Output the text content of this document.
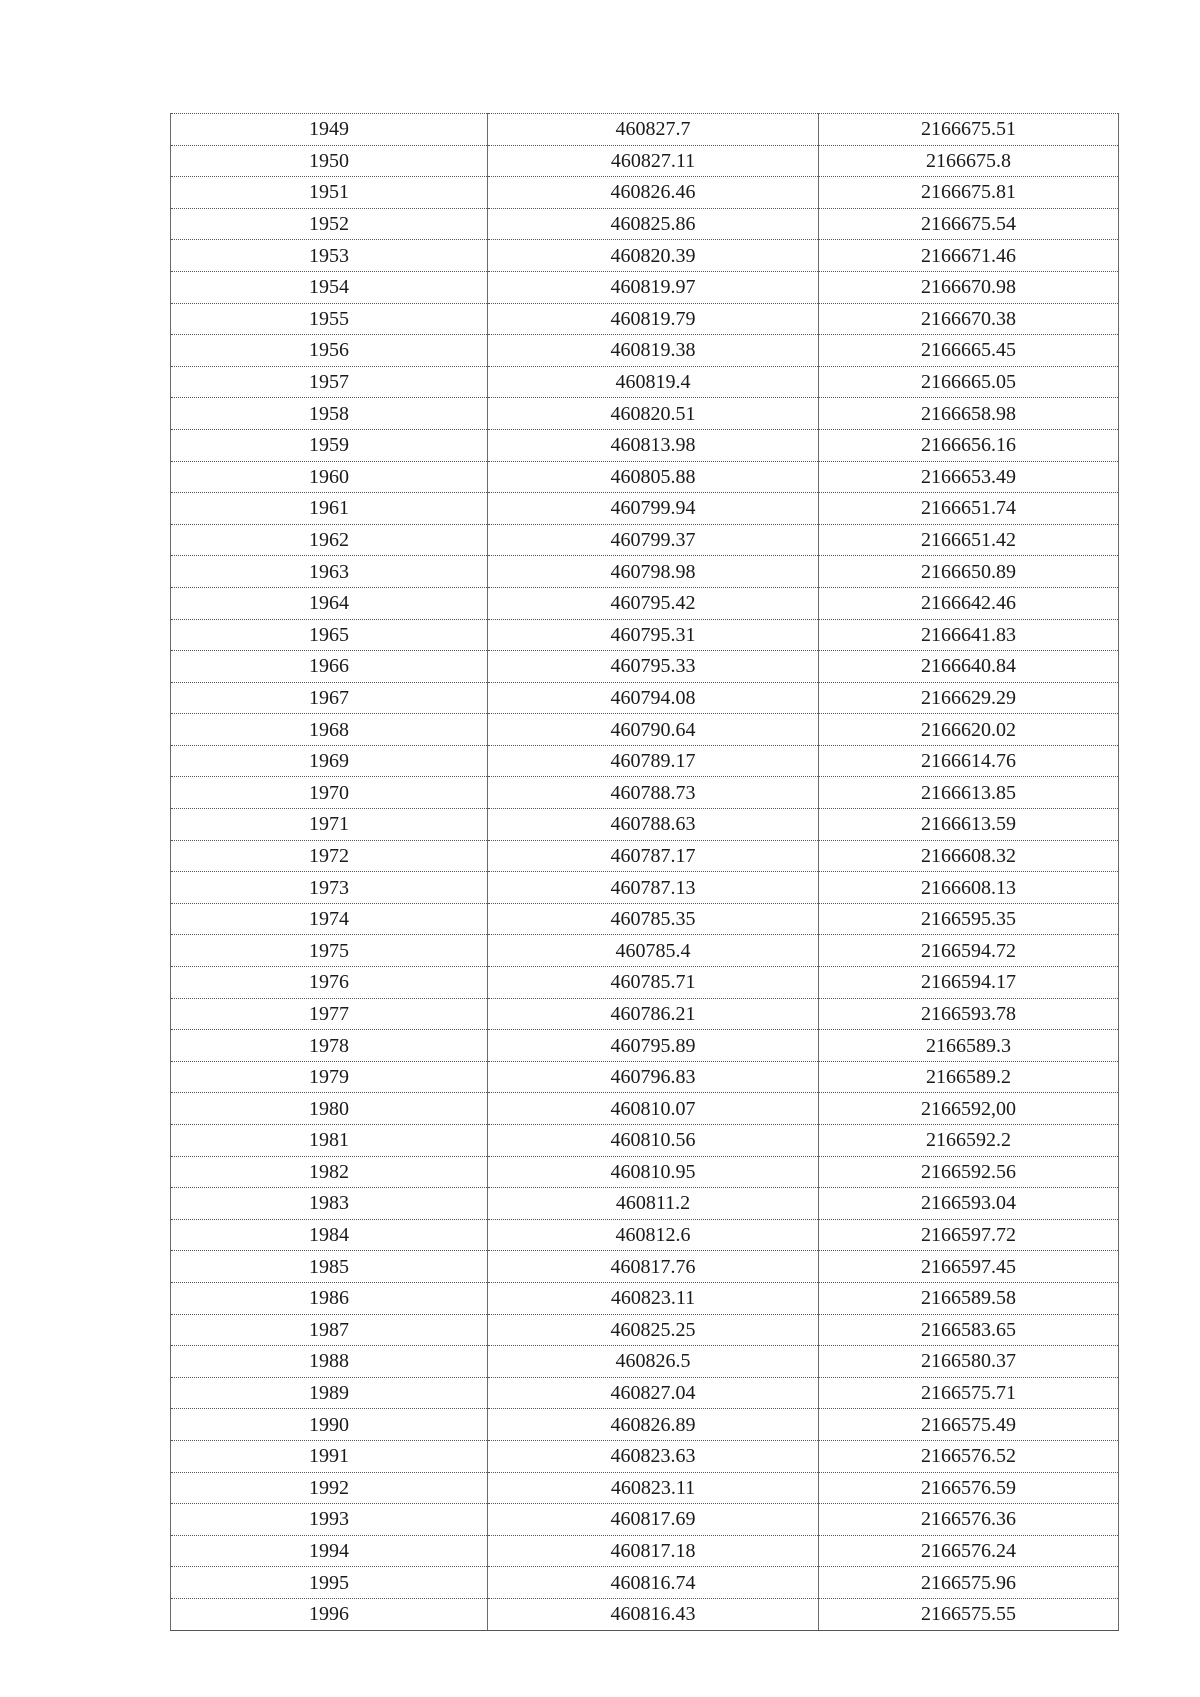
1949	460827.7	2166675.51
1950	460827.11	2166675.8
1951	460826.46	2166675.81
1952	460825.86	2166675.54
1953	460820.39	2166671.46
1954	460819.97	2166670.98
1955	460819.79	2166670.38
1956	460819.38	2166665.45
1957	460819.4	2166665.05
1958	460820.51	2166658.98
1959	460813.98	2166656.16
1960	460805.88	2166653.49
1961	460799.94	2166651.74
1962	460799.37	2166651.42
1963	460798.98	2166650.89
1964	460795.42	2166642.46
1965	460795.31	2166641.83
1966	460795.33	2166640.84
1967	460794.08	2166629.29
1968	460790.64	2166620.02
1969	460789.17	2166614.76
1970	460788.73	2166613.85
1971	460788.63	2166613.59
1972	460787.17	2166608.32
1973	460787.13	2166608.13
1974	460785.35	2166595.35
1975	460785.4	2166594.72
1976	460785.71	2166594.17
1977	460786.21	2166593.78
1978	460795.89	2166589.3
1979	460796.83	2166589.2
1980	460810.07	2166592,00
1981	460810.56	2166592.2
1982	460810.95	2166592.56
1983	460811.2	2166593.04
1984	460812.6	2166597.72
1985	460817.76	2166597.45
1986	460823.11	2166589.58
1987	460825.25	2166583.65
1988	460826.5	2166580.37
1989	460827.04	2166575.71
1990	460826.89	2166575.49
1991	460823.63	2166576.52
1992	460823.11	2166576.59
1993	460817.69	2166576.36
1994	460817.18	2166576.24
1995	460816.74	2166575.96
1996	460816.43	2166575.55
